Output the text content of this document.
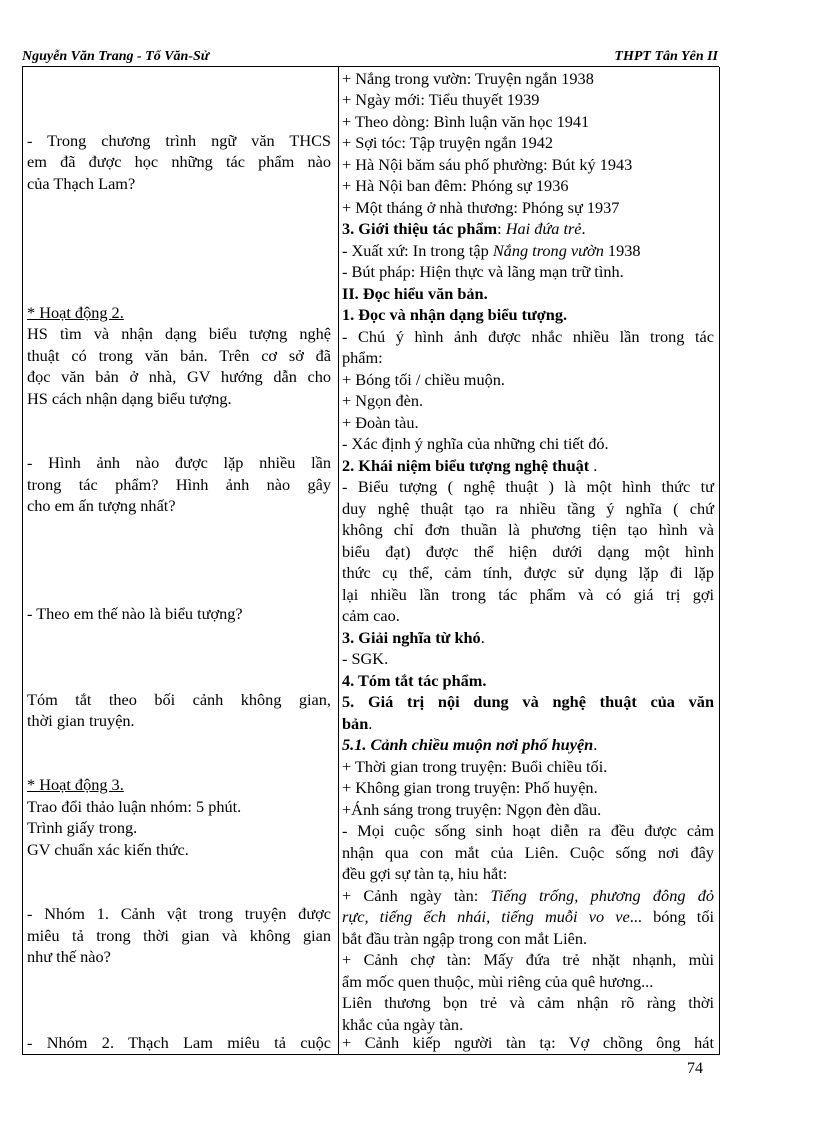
Nguyễn Văn Trang - Tổ Văn-Sử	THPT Tân Yên II
- Trong chương trình ngữ văn THCS
em đã được học những tác phẩm nào
của Thạch Lam?
* Hoạt động 2.
HS tìm và nhận dạng biểu tượng nghệ
thuật có trong văn bản. Trên cơ sở đã
đọc văn bản ở nhà, GV hướng dẫn cho
HS cách nhận dạng biểu tượng.
- Hình ảnh nào được lặp nhiều lần
trong tác phẩm? Hình ảnh nào gây
cho em ấn tượng nhất?
- Theo em thế nào là biểu tượng?
Tóm tắt theo bối cảnh không gian,
thời gian truyện.
* Hoạt động 3.
Trao đổi thảo luận nhóm: 5 phút.
Trình giấy trong.
GV chuẩn xác kiến thức.
- Nhóm 1. Cảnh vật trong truyện được
miêu tả trong thời gian và không gian
như thế nào?
- Nhóm 2. Thạch Lam miêu tả cuộc
+ Nắng trong vườn: Truyện ngắn 1938
+ Ngày mới: Tiểu thuyết 1939
+ Theo dòng: Bình luận văn học 1941
+ Sợi tóc: Tập truyện ngắn 1942
+ Hà Nội băm sáu phố phường: Bút ký 1943
+ Hà Nội ban đêm: Phóng sự 1936
+ Một tháng ở nhà thương: Phóng sự 1937
3. Giới thiệu tác phẩm: Hai đứa trẻ.
- Xuất xứ: In trong tập Nắng trong vườn 1938
- Bút pháp: Hiện thực và lãng mạn trữ tình.
II. Đọc hiểu văn bản.
1. Đọc và nhận dạng biểu tượng.
- Chú ý hình ảnh được nhắc nhiều lần trong tác
phẩm:
+ Bóng tối / chiều muộn.
+ Ngọn đèn.
+ Đoàn tàu.
- Xác định ý nghĩa của những chi tiết đó.
2. Khái niệm biểu tượng nghệ thuật .
- Biểu tượng ( nghệ thuật ) là một hình thức tư
duy nghệ thuật tạo ra nhiều tầng ý nghĩa ( chứ
không chỉ đơn thuần là phương tiện tạo hình và
biểu đạt) được thể hiện dưới dạng một hình
thức cụ thể, cảm tính, được sử dụng lặp đi lặp
lại nhiều lần trong tác phẩm và có giá trị gợi
cảm cao.
3. Giải nghĩa từ khó.
- SGK.
4. Tóm tắt tác phẩm.
5. Giá trị nội dung và nghệ thuật của văn
bản.
5.1. Cảnh chiều muộn nơi phố huyện.
+ Thời gian trong truyện: Buổi chiều tối.
+ Không gian trong truyện: Phố huyện.
+Ánh sáng trong truyện: Ngọn đèn dầu.
- Mọi cuộc sống sinh hoạt diễn ra đều được cảm
nhận qua con mắt của Liên. Cuộc sống nơi đây
đều gợi sự tàn tạ, hiu hắt:
+ Cảnh ngày tàn: Tiếng trống, phương đông đỏ
rực, tiếng ếch nhái, tiếng muỗi vo ve... bóng tối
bắt đầu tràn ngập trong con mắt Liên.
+ Cảnh chợ tàn: Mấy đứa trẻ nhặt nhạnh, mùi
ẩm mốc quen thuộc, mùi riêng của quê hương...
Liên thương bọn trẻ và cảm nhận rõ ràng thời
khắc của ngày tàn.
+ Cảnh kiếp người tàn tạ: Vợ chồng ông hát
74
